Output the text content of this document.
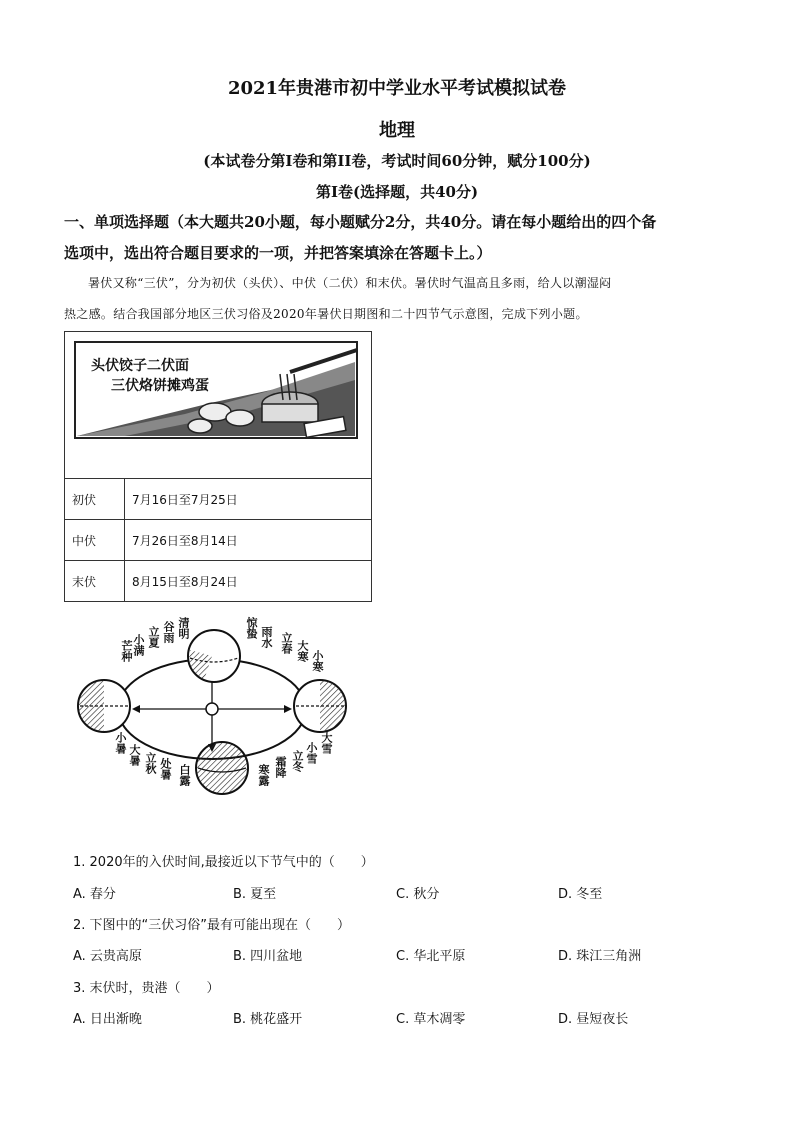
2021年贵港市初中学业水平考试模拟试卷
地理
(本试卷分第I卷和第II卷，考试时间60分钟，赋分100分)
第I卷(选择题，共40分)
一、单项选择题（本大题共20小题，每小题赋分2分，共40分。请在每小题给出的四个备
选项中，选出符合题目要求的一项，并把答案填涂在答题卡上。）
暑伏又称“三伏”，分为初伏（头伏）、中伏（二伏）和末伏。暑伏时气温高且多雨，给人以潮湿闷
热之感。结合我国部分地区三伏习俗及2020年暑伏日期图和二十四节气示意图，完成下列小题。
头伏饺子二伏面
三伏烙饼摊鸡蛋	

初伏	7月16日至7月25日
中伏	7月26日至8月14日
末伏	8月15日至8月24日
芒种 小满 立夏 谷雨 清明	惊蛰 雨水 立春 大寒 小寒
小暑
大暑 立秋 处暑 白露
大雪
小雪
立冬
霜降
寒露
1. 2020年的入伏时间,最接近以下节气中的（　　）
A. 春分	B. 夏至	C. 秋分	D. 冬至
2. 下图中的“三伏习俗”最有可能出现在（　　）
A. 云贵高原	B. 四川盆地	C. 华北平原	D. 珠江三角洲
3. 末伏时，贵港（　　）
A. 日出渐晚	B. 桃花盛开	C. 草木凋零	D. 昼短夜长
